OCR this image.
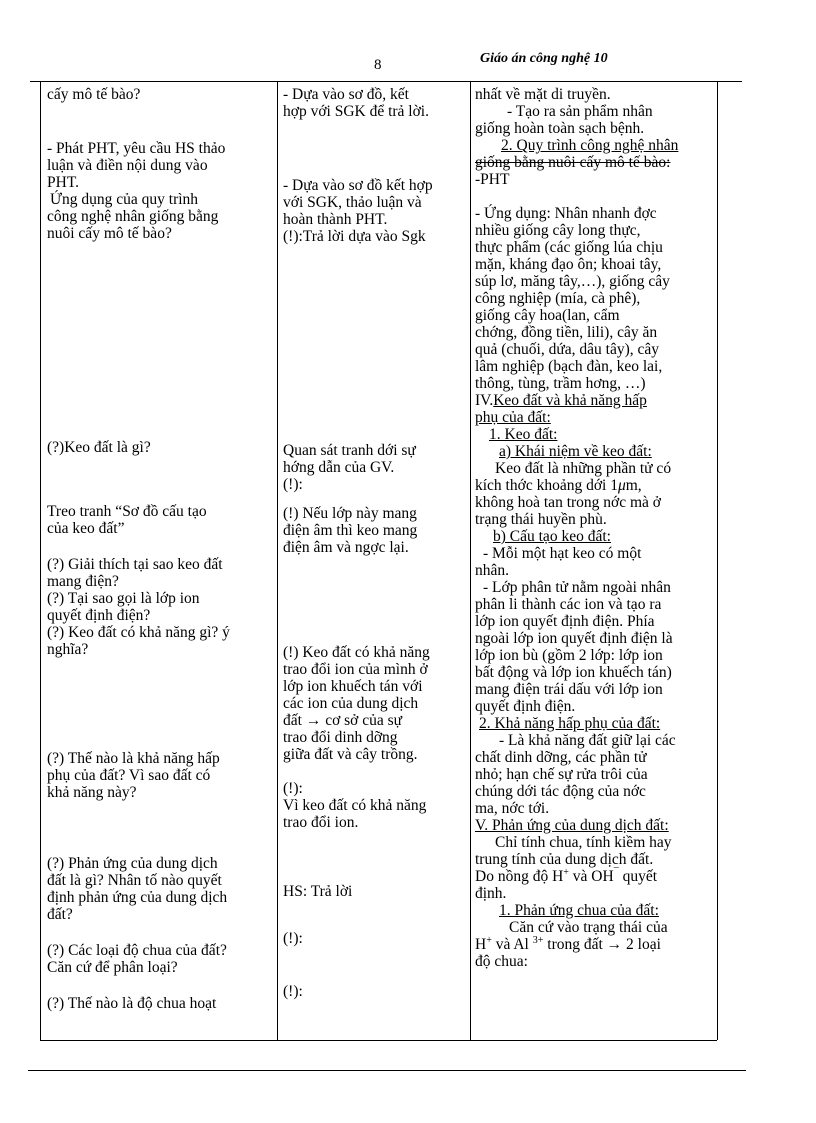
8	Giáo án công nghệ 10

cấy mô tế bào?

- Phát PHT, yêu cầu HS thảo

luận và điền nội dung vào

PHT.

Ứng dụng của quy trình

công nghệ nhân giống bằng

nuôi cấy mô tế bào?

(?)Keo đất là gì?

Treo tranh “Sơ đồ cấu tạo

của keo đất”

(?) Giải thích tại sao keo đất

mang điện?

(?) Tại sao gọi là lớp ion

quyết định điện?

(?) Keo đất có khả năng gì? ý

nghĩa?

(?) Thế nào là khả năng hấp

phụ của đất? Vì sao đất có

khả năng này?

(?) Phản ứng của dung dịch

đất là gì? Nhân tố nào quyết

định phản ứng của dung dịch

đất?

(?) Các loại độ chua của đất?

Căn cứ để phân loại?

(?) Thế nào là độ chua hoạt

- Dựa vào sơ đồ, kết

hợp với SGK để trả lời.

- Dựa vào sơ đồ kết hợp

với SGK, thảo luận và

hoàn thành PHT.

(!):Trả lời dựa vào Sgk

Quan sát tranh dới sự

hớng dẫn của GV.

(!):

(!) Nếu lớp này mang

điện âm thì keo mang

điện âm và ngợc lại.

(!) Keo đất có khả năng

trao đổi ion của mình ở

lớp ion khuếch tán với

các ion của dung dịch

đất → cơ sở của sự

trao đổi dinh dỡng

giữa đất và cây trồng.

(!):

Vì keo đất có khả năng

trao đổi ion.

HS: Trả lời

(!):

(!):

nhất về mặt di truyền.

- Tạo ra sản phẩm nhân

giống hoàn toàn sạch bệnh.

2. Quy trình công nghệ nhân

giống bằng nuôi cấy mô tế bào:

-PHT

- Ứng dụng: Nhân nhanh đợc

nhiều giống cây long thực,

thực phẩm (các giống lúa chịu

mặn, kháng đạo ôn; khoai tây,

súp lơ, măng tây,…), giống cây

công nghiệp (mía, cà phê),

giống cây hoa(lan, cẩm

chớng, đồng tiền, lili), cây ăn

quả (chuối, dứa, dâu tây), cây

lâm nghiệp (bạch đàn, keo lai,

thông, tùng, trầm hơng, …)

IV.Keo đất và khả năng hấp

phụ của đất:

1. Keo đất:

a) Khái niệm về keo đất:

Keo đất là những phần tử có

kích thớc khoảng dới 1μm,

không hoà tan trong nớc mà ở

trạng thái huyền phù.

b) Cấu tạo keo đất:

- Mỗi một hạt keo có một

nhân.

- Lớp phân tử nằm ngoài nhân

phân li thành các ion và tạo ra

lớp ion quyết định điện. Phía

ngoài lớp ion quyết định điện là

lớp ion bù (gồm 2 lớp: lớp ion

bất động và lớp ion khuếch tán)

mang điện trái dấu với lớp ion

quyết định điện.

2. Khả năng hấp phụ của đất:

- Là khả năng đất giữ lại các

chất dinh dỡng, các phần tử

nhỏ; hạn chế sự rửa trôi của

chúng dới tác động của nớc

ma, nớc tới.

V. Phản ứng của dung dịch đất:

Chỉ tính chua, tính kiềm hay

trung tính của dung dịch đất.

Do nồng độ H+ và OH¯ quyết

định.

1. Phản ứng chua của đất:

Căn cứ vào trạng thái của

H+ và Al $^{3+}$ trong đất → 2 loại

độ chua:
